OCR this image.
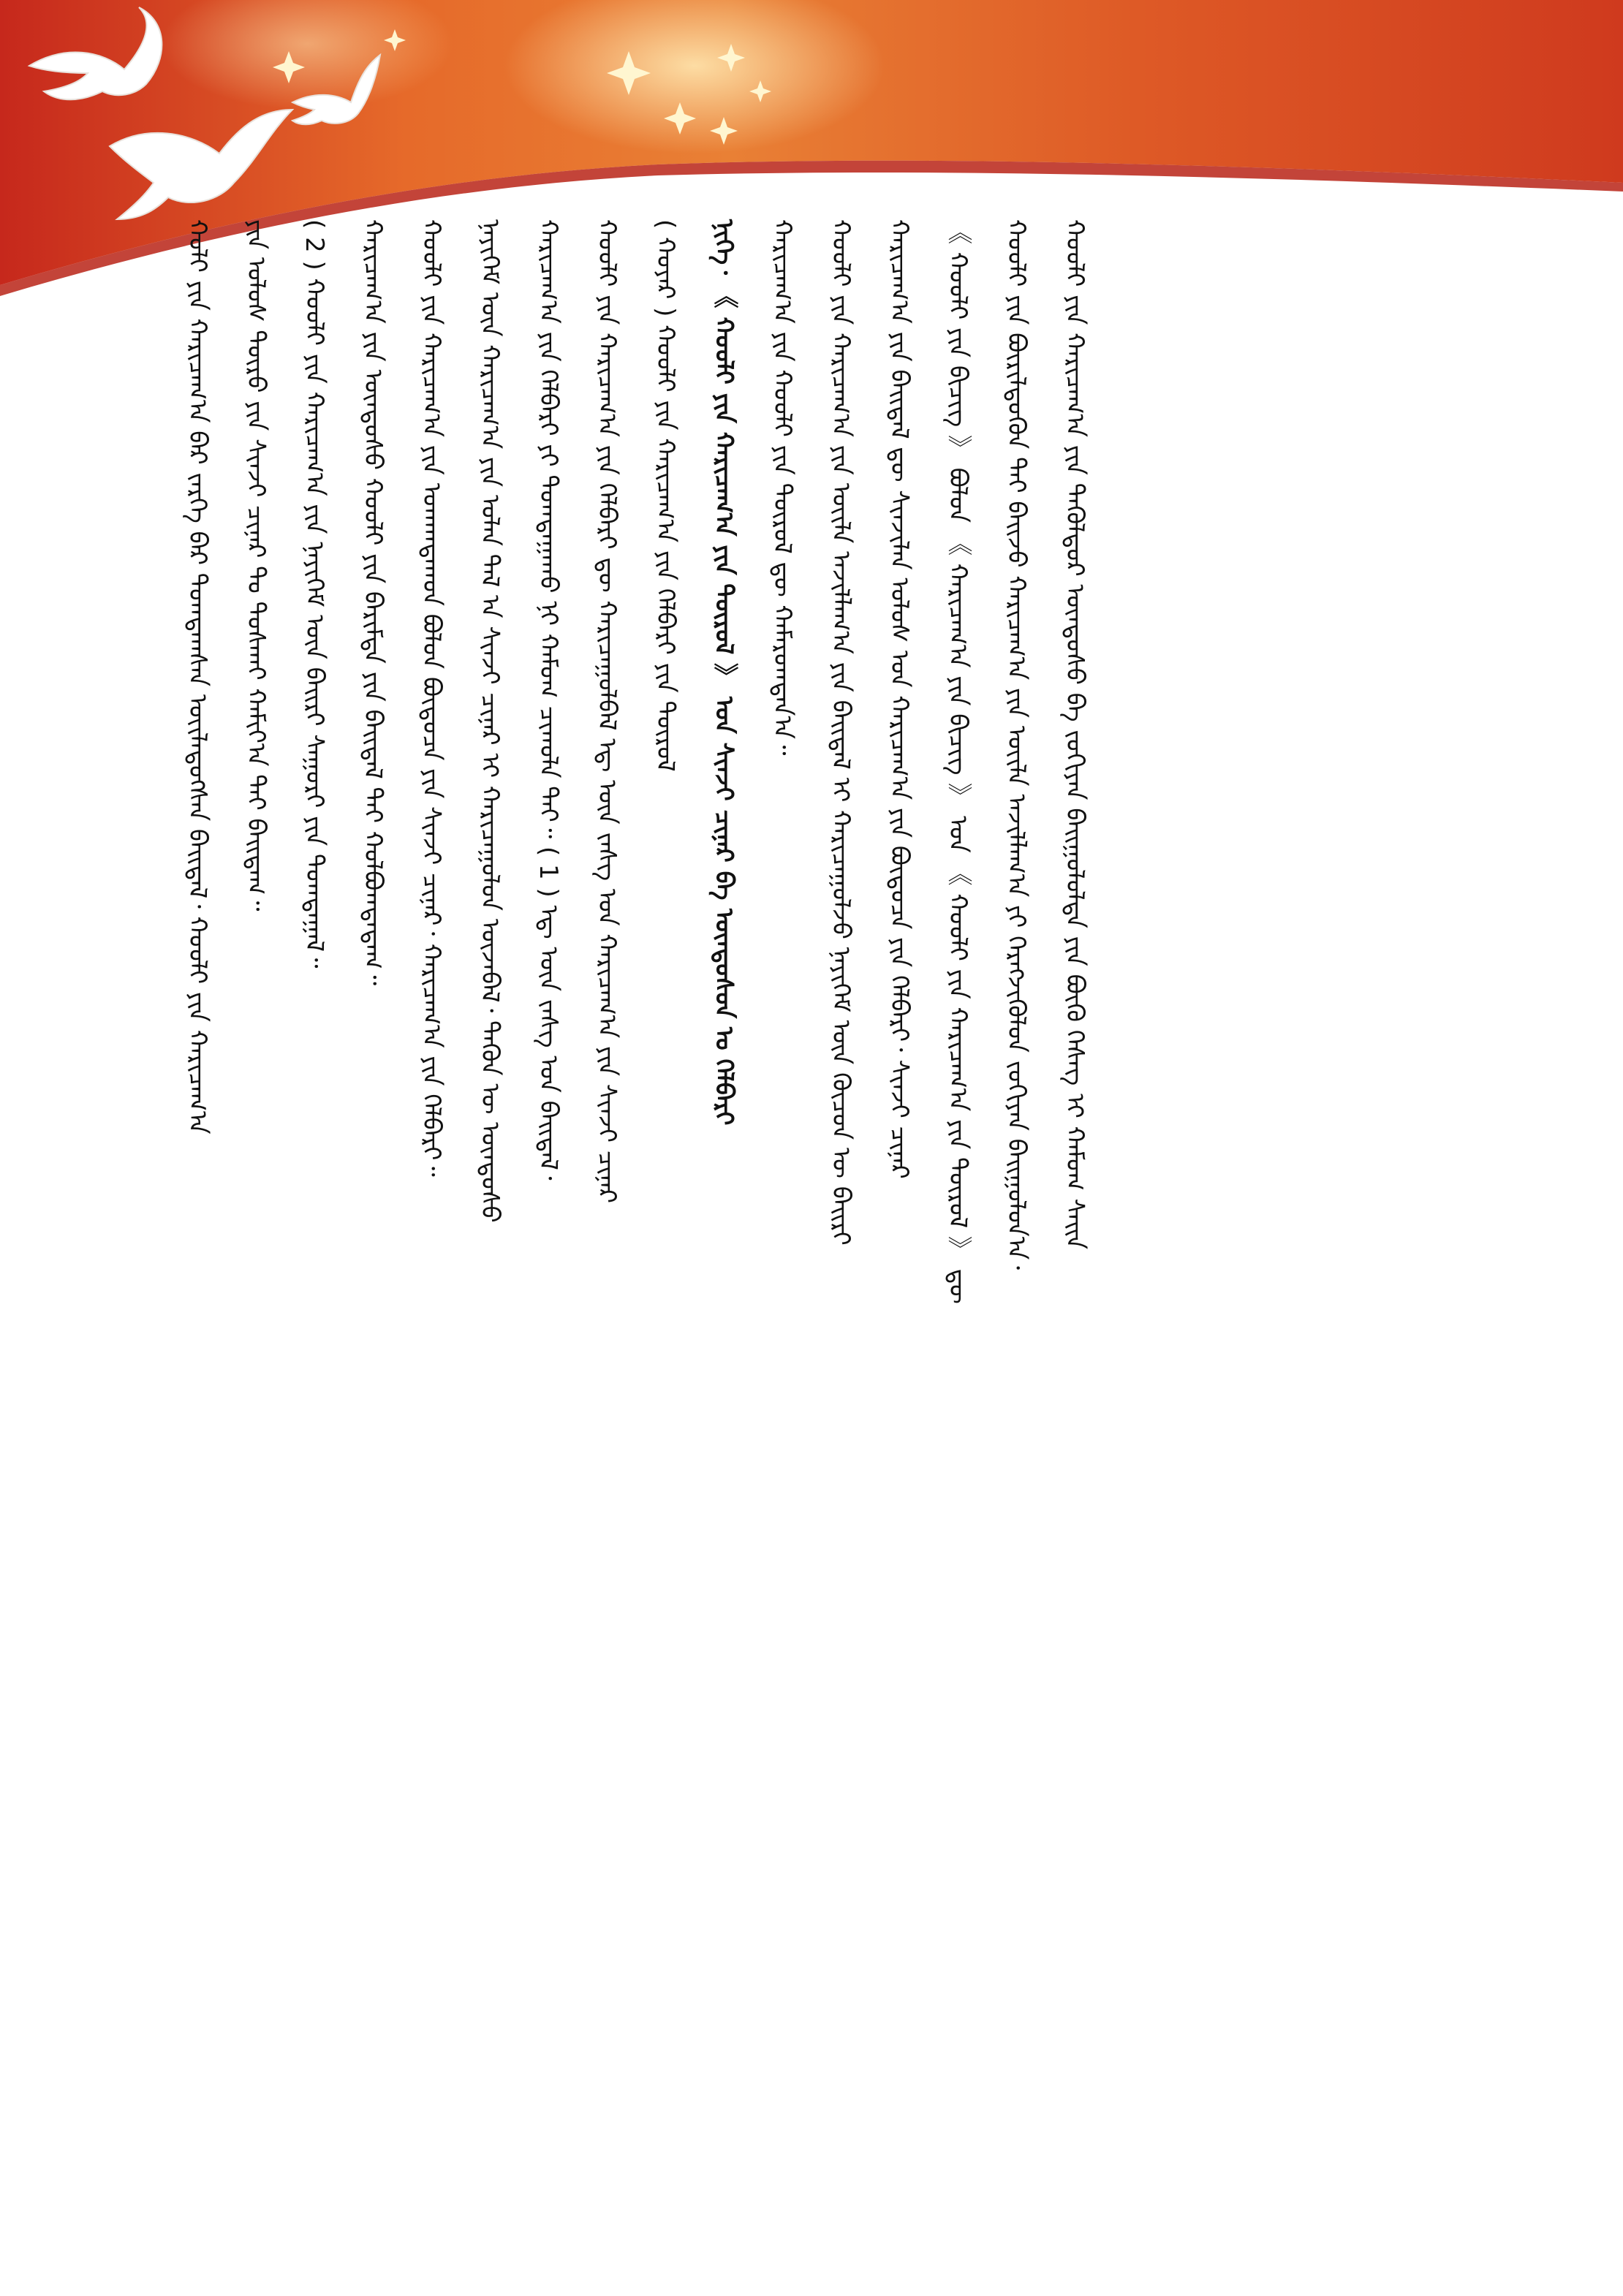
ᠬᠣᠯᠢ ᠶᠢᠨ ᠬᠠᠷᠢᠴᠠᠭ᠎ᠠ ᠪᠡᠷ ᠵᠡᠷᠭᠡ ᠪᠠᠷ ᠲᠣᠭᠲᠠᠭᠰᠠᠨ ᠦᠢᠯᠡᠳᠦᠭᠰᠡᠨ ᠪᠠᠢᠳᠠᠯ᠂ ᠬᠣᠤᠯᠢ ᠶᠢᠨ ᠬᠠᠷᠢᠴᠠᠭ᠎ᠠ	ᠶᠢᠨ ᠤᠯᠤᠰ ᠲᠦᠷᠦ ᠶᠢᠨ ᠰᠢᠨᠵᠢ ᠴᠢᠨᠠᠷ ᠲᠤ ᠲᠤᠰᠬᠠᠢ ᠬᠠᠮᠢᠶ᠎ᠠ ᠲᠠᠢ ᠪᠠᠢᠳᠠᠭ᠃	( 2 ) ᠬᠣᠤᠯᠢ ᠶᠢᠨ ᠬᠠᠷᠢᠴᠠᠭ᠎ᠠ ᠶᠢᠨ ᠨᠡᠶᠢᠭᠡᠮ ᠦᠨ ᠪᠠᠢᠷᠢ ᠰᠠᠭᠤᠷᠢ ᠶᠢᠨ ᠲᠣᠭᠲᠠᠭᠠᠯ᠃	ᠬᠠᠷᠢᠴᠠᠭ᠎ᠠ ᠶᠢᠨ ᠦᠨᠳᠦᠰᠦ ᠬᠣᠤᠯᠢ ᠶᠢᠨ ᠪᠠᠷᠢᠮᠲᠠ ᠶᠢᠨ ᠪᠠᠢᠳᠠᠯ ᠲᠠᠢ ᠬᠣᠯᠪᠣᠭᠳᠠᠳᠠᠭ᠃	ᠬᠣᠤᠯᠢ ᠶᠢᠨ ᠬᠠᠷᠢᠴᠠᠭ᠎ᠠ ᠶᠢᠨ ᠤᠬᠠᠭᠳᠠᠬᠤᠨ ᠪᠣᠯᠤᠨ ᠪᠦᠲᠦᠴᠡ ᠶᠢᠨ ᠰᠢᠨᠵᠢ ᠴᠢᠨᠠᠷ᠂ ᠬᠠᠷᠢᠴᠠᠭ᠎ᠠ ᠶᠢᠨ ᠬᠡᠯᠪᠡᠷᠢ᠃	ᠨᠡᠶᠢᠭᠡᠮ ᠦᠨ ᠬᠠᠷᠢᠴᠠᠭ᠎ᠠ ᠶᠢᠨ ᠣᠯᠠᠨ ᠲᠠᠯ ᠠ ᠰᠢᠨᠵᠢ ᠴᠢᠨᠠᠷ ᠢ ᠬᠠᠷᠢᠴᠠᠭᠤᠯᠤᠨ ᠦᠵᠡᠪᠡᠯ᠂ ᠲᠡᠭᠦᠨ ᠦ ᠦᠨᠳᠦᠰᠦ	ᠬᠠᠷᠢᠴᠠᠭ᠎ᠠ ᠶᠢᠨ ᠬᠡᠯᠪᠡᠷᠢ ᠶᠢ ᠲᠣᠭᠲᠠᠭᠠᠬᠤ ᠨᠢ ᠬᠠᠮᠤᠭ ᠴᠢᠬᠤᠯᠠ ᠲᠠᠢ᠃ ( 1 ) ᠡᠳ᠋ ᠦᠨ ᠵᠠᠰᠭ ᠤᠨ ᠪᠠᠢᠳᠠᠯ᠂	ᠬᠣᠤᠯᠢ ᠶᠢᠨ ᠬᠠᠷᠢᠴᠠᠭ᠎ᠠ ᠶᠢᠨ ᠬᠡᠯᠪᠡᠷᠢ ᠳᠦ ᠬᠠᠷᠢᠴᠠᠭᠤᠯᠪᠠᠯ ᠡᠳ᠋ ᠦᠨ ᠵᠠᠰᠭ ᠤᠨ ᠬᠠᠷᠢᠴᠠᠭ᠎ᠠ ᠶᠢᠨ ᠰᠢᠨᠵᠢ ᠴᠢᠨᠠᠷ	( ᠬᠣᠶᠠᠷ ) ᠬᠣᠤᠯᠢ ᠶᠢᠨ ᠬᠠᠷᠢᠴᠠᠭ᠎ᠠ ᠶᠢᠨ ᠬᠡᠯᠪᠡᠷᠢ ᠶᠢᠨ ᠲᠥᠷᠥᠯ	ᠨᠢᠭᠡ᠂ 《 ᠬᠣᠤᠯᠢ ᠶᠢᠨ ᠬᠠᠷᠢᠴᠠᠭ᠎ᠠ ᠶᠢᠨ ᠲᠥᠷᠥᠯ 》 ᠤᠨ ᠰᠢᠨᠵᠢ ᠴᠢᠨᠠᠷ ᠪᠠ ᠦᠨᠳᠦᠰᠦᠨ ᠤ ᠬᠡᠯᠪᠡᠷᠢ	ᠬᠠᠷᠢᠴᠠᠭ᠎ᠠ ᠶᠢᠨ ᠬᠣᠤᠯᠢ ᠶᠢᠨ ᠲᠥᠷᠥᠯ ᠳᠦ ᠬᠠᠮᠠᠷᠤᠭᠳᠠᠨ᠎ᠠ᠃	ᠬᠣᠤᠯᠢ ᠶᠢᠨ ᠬᠠᠷᠢᠴᠠᠭ᠎ᠠ ᠶᠢᠨ ᠦᠢᠯᠡ ᠠᠵᠢᠯᠯᠠᠭ᠎ᠠ ᠶᠢᠨ ᠪᠠᠢᠳᠠᠯ ᠢ ᠬᠠᠷᠢᠴᠠᠭᠤᠯᠵᠤ ᠨᠡᠶᠢᠭᠡᠮ ᠦᠨ ᠬᠦᠴᠦᠨ ᠦ ᠪᠠᠢᠷᠢ	ᠬᠠᠷᠢᠴᠠᠭ᠎ᠠ ᠶᠢᠨ ᠪᠠᠢᠳᠠᠯ ᠳᠦ ᠰᠢᠨᠵᠢᠯᠡᠨ ᠤᠯᠤᠰ ᠤᠨ ᠬᠠᠷᠢᠴᠠᠭ᠎ᠠ ᠶᠢᠨ ᠪᠦᠲᠦᠴᠡ ᠶᠢᠨ ᠬᠡᠯᠪᠡᠷᠢ᠂ ᠰᠢᠨᠵᠢ ᠴᠢᠨᠠᠷ	《 ᠬᠣᠤᠯᠢ ᠶᠢᠨ ᠪᠢᠴᠢᠭ 》 ᠪᠣᠯᠤᠨ 《 ᠬᠠᠷᠢᠴᠠᠭ᠎ᠠ ᠶᠢᠨ ᠪᠢᠴᠢᠭ 》 ᠤᠨ 《 ᠬᠣᠤᠯᠢ ᠶᠢᠨ ᠬᠠᠷᠢᠴᠠᠭ᠎ᠠ ᠶᠢᠨ ᠲᠥᠷᠥᠯ 》 ᠳᠦ	ᠬᠣᠤᠯᠢ ᠶᠢᠨ ᠪᠦᠷᠢᠯᠳᠦᠭᠦᠨ ᠲᠠᠢ ᠪᠠᠢᠵᠤ ᠬᠠᠷᠢᠴᠠᠭ᠎ᠠ ᠶᠢᠨ ᠦᠢᠯᠡ ᠠᠵᠢᠯᠯᠠᠭ᠎ᠠ ᠶᠢ ᠬᠡᠷᠡᠭᠵᠢᠭᠦᠯᠦᠨ ᠵᠣᠬᠢᠶᠠᠨ ᠪᠠᠢᠭᠤᠯᠤᠨ᠎ᠠ᠂	ᠬᠣᠤᠯᠢ ᠶᠢᠨ ᠬᠠᠷᠢᠴᠠᠭ᠎ᠠ ᠶᠢᠨ ᠲᠡᠭᠦᠯᠳᠦᠷ ᠦᠨᠳᠦᠰᠦ ᠪᠠ ᠵᠣᠬᠢᠶᠠᠨ ᠪᠠᠢᠭᠤᠯᠤᠯᠲᠠ ᠶᠢᠨ ᠪᠦᠬᠦ ᠬᠡᠰᠡᠭ ᠢ ᠬᠠᠮᠤᠭ ᠰᠠᠢᠨ
